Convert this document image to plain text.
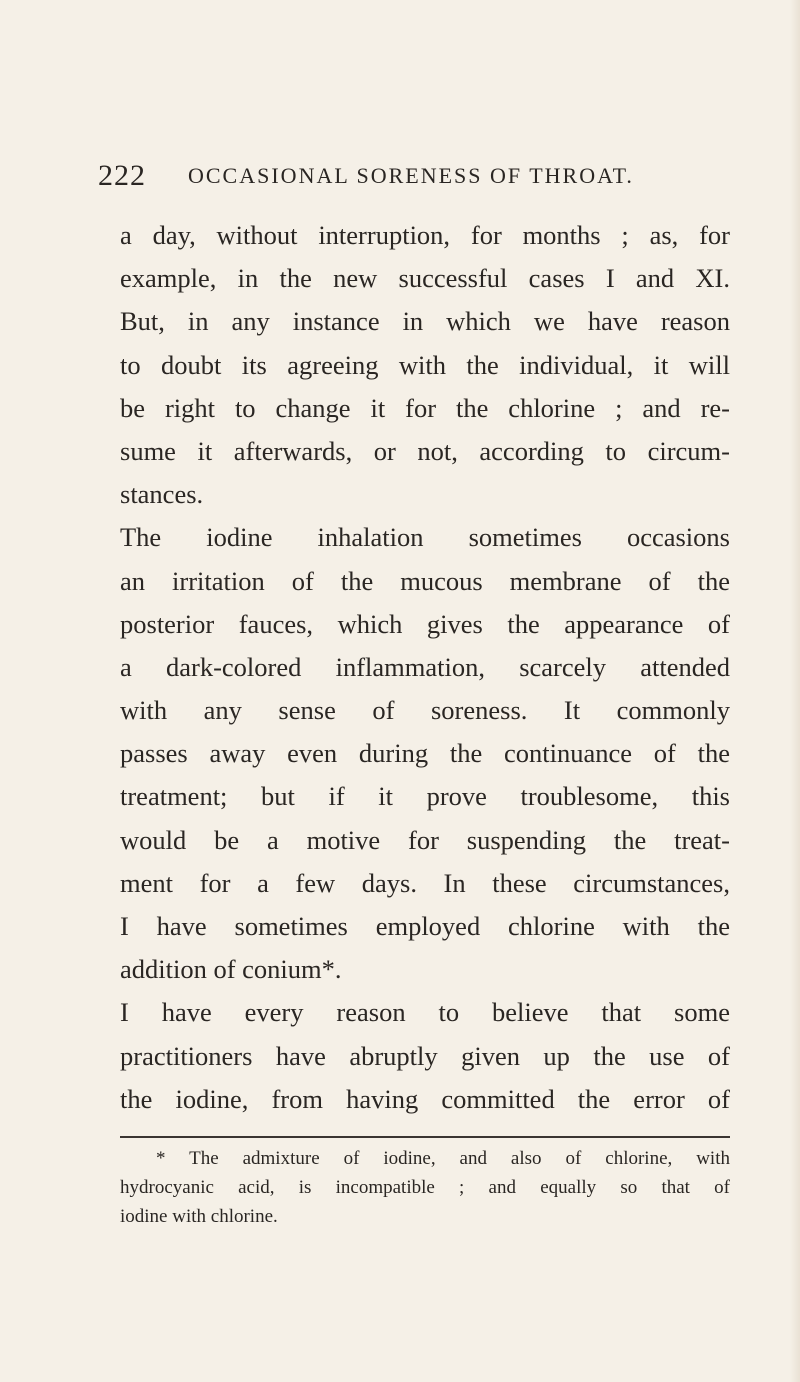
222 OCCASIONAL SORENESS OF THROAT.
a day, without interruption, for months ; as, for
example, in the new successful cases I and XI.
But, in any instance in which we have reason
to doubt its agreeing with the individual, it will
be right to change it for the chlorine ; and re-
sume it afterwards, or not, according to circum-
stances.
The iodine inhalation sometimes occasions
an irritation of the mucous membrane of the
posterior fauces, which gives the appearance of
a dark-colored inflammation, scarcely attended
with any sense of soreness. It commonly
passes away even during the continuance of the
treatment; but if it prove troublesome, this
would be a motive for suspending the treat-
ment for a few days. In these circumstances,
I have sometimes employed chlorine with the
addition of conium*.
I have every reason to believe that some
practitioners have abruptly given up the use of
the iodine, from having committed the error of
* The admixture of iodine, and also of chlorine, with
hydrocyanic acid, is incompatible ; and equally so that of
iodine with chlorine.
